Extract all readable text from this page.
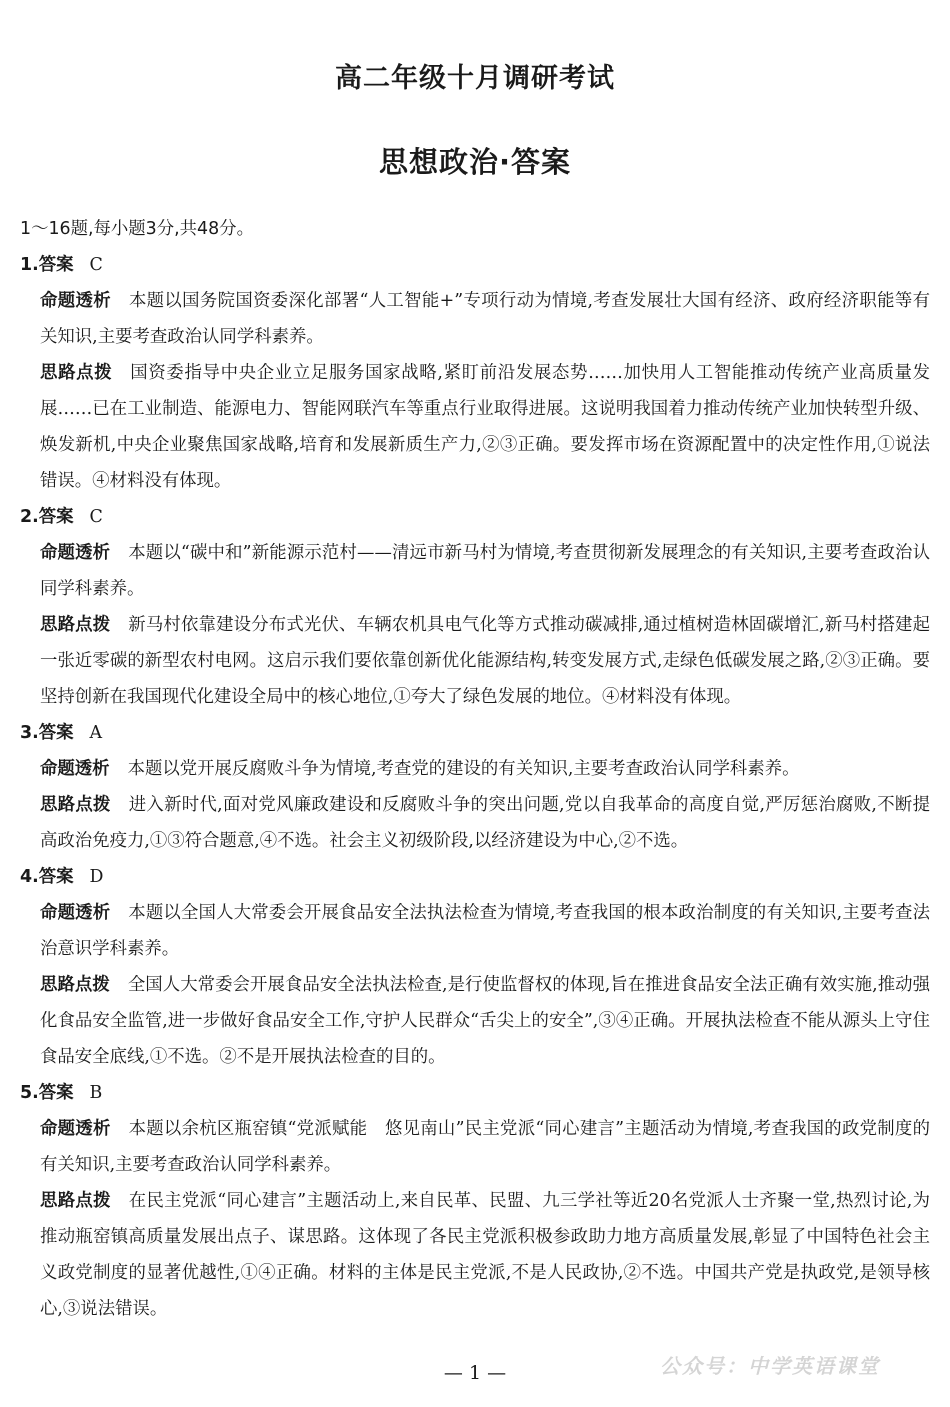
高二年级十月调研考试
思想政治·答案

1～16题,每小题3分,共48分。

1.答案 C

命题透析 本题以国务院国资委深化部署“人工智能+”专项行动为情境,考查发展壮大国有经济、政府经济职能等有关知识,主要考查政治认同学科素养。

思路点拨 国资委指导中央企业立足服务国家战略,紧盯前沿发展态势……加快用人工智能推动传统产业高质量发展……已在工业制造、能源电力、智能网联汽车等重点行业取得进展。这说明我国着力推动传统产业加快转型升级、焕发新机,中央企业聚焦国家战略,培育和发展新质生产力,②③正确。要发挥市场在资源配置中的决定性作用,①说法错误。④材料没有体现。

2.答案 C

命题透析 本题以“碳中和”新能源示范村——清远市新马村为情境,考查贯彻新发展理念的有关知识,主要考查政治认同学科素养。

思路点拨 新马村依靠建设分布式光伏、车辆农机具电气化等方式推动碳减排,通过植树造林固碳增汇,新马村搭建起一张近零碳的新型农村电网。这启示我们要依靠创新优化能源结构,转变发展方式,走绿色低碳发展之路,②③正确。要坚持创新在我国现代化建设全局中的核心地位,①夸大了绿色发展的地位。④材料没有体现。

3.答案 A

命题透析 本题以党开展反腐败斗争为情境,考查党的建设的有关知识,主要考查政治认同学科素养。

思路点拨 进入新时代,面对党风廉政建设和反腐败斗争的突出问题,党以自我革命的高度自觉,严厉惩治腐败,不断提高政治免疫力,①③符合题意,④不选。社会主义初级阶段,以经济建设为中心,②不选。

4.答案 D

命题透析 本题以全国人大常委会开展食品安全法执法检查为情境,考查我国的根本政治制度的有关知识,主要考查法治意识学科素养。

思路点拨 全国人大常委会开展食品安全法执法检查,是行使监督权的体现,旨在推进食品安全法正确有效实施,推动强化食品安全监管,进一步做好食品安全工作,守护人民群众“舌尖上的安全”,③④正确。开展执法检查不能从源头上守住食品安全底线,①不选。②不是开展执法检查的目的。

5.答案 B

命题透析 本题以余杭区瓶窑镇“党派赋能　悠见南山”民主党派“同心建言”主题活动为情境,考查我国的政党制度的有关知识,主要考查政治认同学科素养。

思路点拨 在民主党派“同心建言”主题活动上,来自民革、民盟、九三学社等近20名党派人士齐聚一堂,热烈讨论,为推动瓶窑镇高质量发展出点子、谋思路。这体现了各民主党派积极参政助力地方高质量发展,彰显了中国特色社会主义政党制度的显著优越性,①④正确。材料的主体是民主党派,不是人民政协,②不选。中国共产党是执政党,是领导核心,③说法错误。

— 1 —	公众号：中学英语课堂
